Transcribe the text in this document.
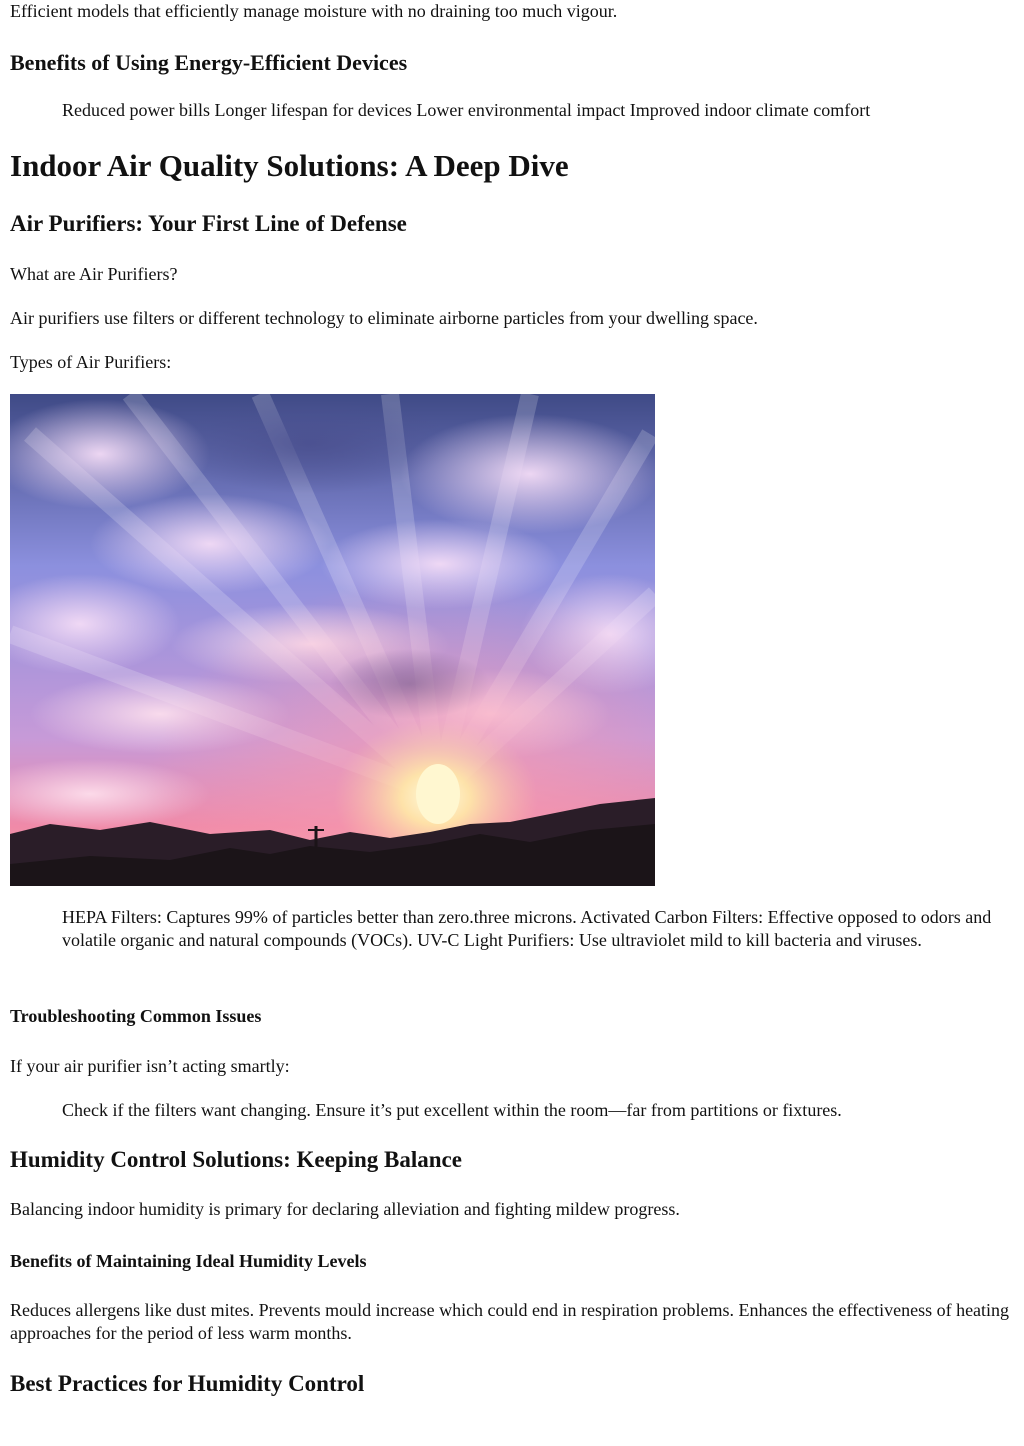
Efficient models that efficiently manage moisture with no draining too much vigour.

Benefits of Using Energy-Efficient Devices

Reduced power bills Longer lifespan for devices Lower environmental impact Improved indoor climate comfort

Indoor Air Quality Solutions: A Deep Dive
Air Purifiers: Your First Line of Defense

What are Air Purifiers?

Air purifiers use filters or different technology to eliminate airborne particles from your dwelling space.

Types of Air Purifiers:

HEPA Filters: Captures 99% of particles better than zero.three microns. Activated Carbon Filters: Effective opposed to odors and volatile organic and natural compounds (VOCs). UV-C Light Purifiers: Use ultraviolet mild to kill bacteria and viruses.

Troubleshooting Common Issues

If your air purifier isn’t acting smartly:

Check if the filters want changing. Ensure it’s put excellent within the room—far from partitions or fixtures.

Humidity Control Solutions: Keeping Balance

Balancing indoor humidity is primary for declaring alleviation and fighting mildew progress.

Benefits of Maintaining Ideal Humidity Levels

Reduces allergens like dust mites. Prevents mould increase which could end in respiration problems. Enhances the effectiveness of heating approaches for the period of less warm months.

Best Practices for Humidity Control
